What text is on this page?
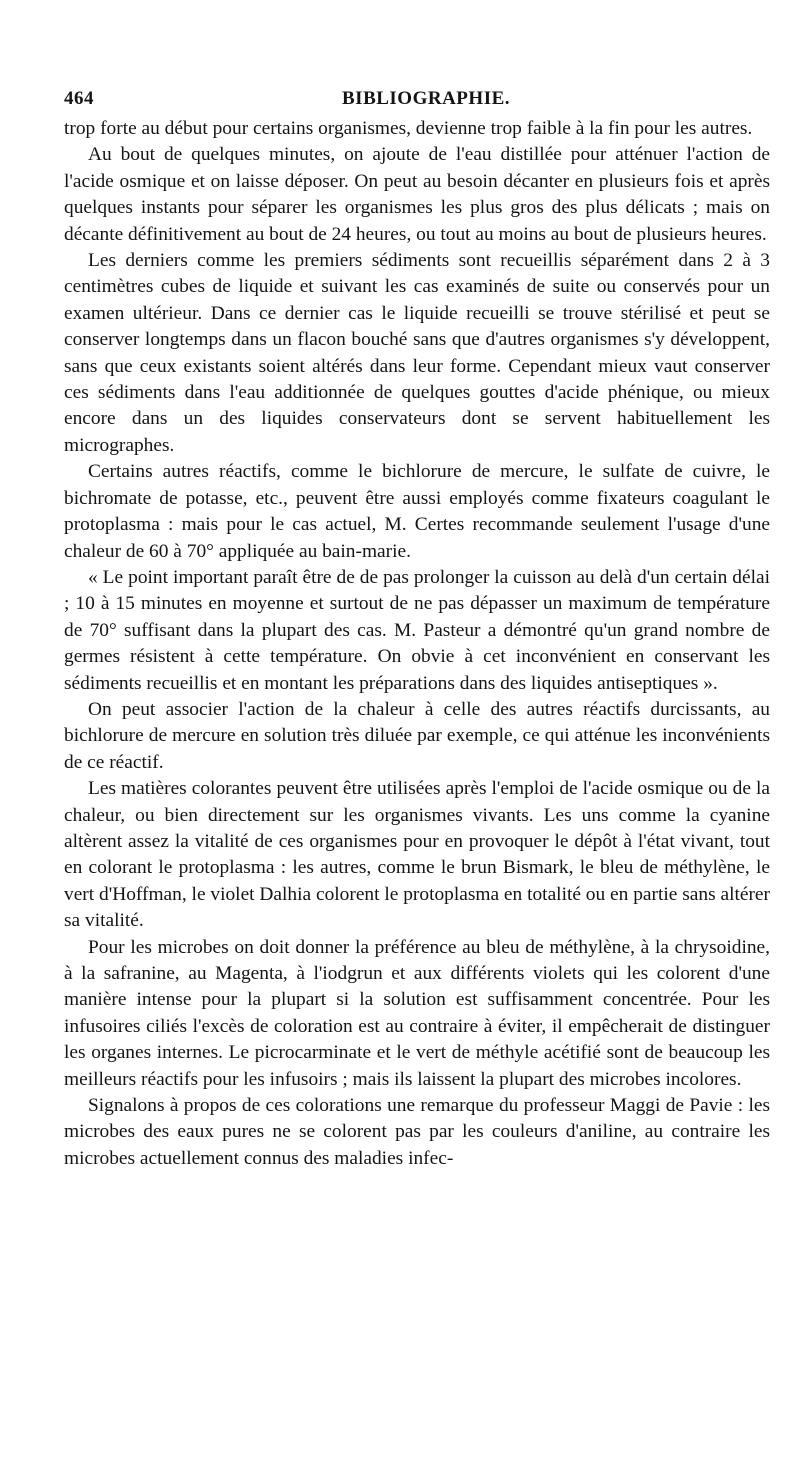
464	BIBLIOGRAPHIE.

trop forte au début pour certains organismes, devienne trop faible à la fin pour les autres.

Au bout de quelques minutes, on ajoute de l'eau distillée pour atténuer l'action de l'acide osmique et on laisse déposer. On peut au besoin décanter en plusieurs fois et après quelques instants pour séparer les organismes les plus gros des plus délicats ; mais on décante définitivement au bout de 24 heures, ou tout au moins au bout de plusieurs heures.

Les derniers comme les premiers sédiments sont recueillis séparément dans 2 à 3 centimètres cubes de liquide et suivant les cas examinés de suite ou conservés pour un examen ultérieur. Dans ce dernier cas le liquide recueilli se trouve stérilisé et peut se conserver longtemps dans un flacon bouché sans que d'autres organismes s'y développent, sans que ceux existants soient altérés dans leur forme. Cependant mieux vaut conserver ces sédiments dans l'eau additionnée de quelques gouttes d'acide phénique, ou mieux encore dans un des liquides conservateurs dont se servent habituellement les micrographes.

Certains autres réactifs, comme le bichlorure de mercure, le sulfate de cuivre, le bichromate de potasse, etc., peuvent être aussi employés comme fixateurs coagulant le protoplasma : mais pour le cas actuel, M. Certes recommande seulement l'usage d'une chaleur de 60 à 70° appliquée au bain-marie.

« Le point important paraît être de de pas prolonger la cuisson au delà d'un certain délai ; 10 à 15 minutes en moyenne et surtout de ne pas dépasser un maximum de température de 70° suffisant dans la plupart des cas. M. Pasteur a démontré qu'un grand nombre de germes résistent à cette température. On obvie à cet inconvénient en conservant les sédiments recueillis et en montant les préparations dans des liquides antiseptiques ».

On peut associer l'action de la chaleur à celle des autres réactifs durcissants, au bichlorure de mercure en solution très diluée par exemple, ce qui atténue les inconvénients de ce réactif.

Les matières colorantes peuvent être utilisées après l'emploi de l'acide osmique ou de la chaleur, ou bien directement sur les organismes vivants. Les uns comme la cyanine altèrent assez la vitalité de ces organismes pour en provoquer le dépôt à l'état vivant, tout en colorant le protoplasma : les autres, comme le brun Bismark, le bleu de méthylène, le vert d'Hoffman, le violet Dalhia colorent le protoplasma en totalité ou en partie sans altérer sa vitalité.

Pour les microbes on doit donner la préférence au bleu de méthylène, à la chrysoidine, à la safranine, au Magenta, à l'iodgrun et aux différents violets qui les colorent d'une manière intense pour la plupart si la solution est suffisamment concentrée. Pour les infusoires ciliés l'excès de coloration est au contraire à éviter, il empêcherait de distinguer les organes internes. Le picrocarminate et le vert de méthyle acétifié sont de beaucoup les meilleurs réactifs pour les infusoirs ; mais ils laissent la plupart des microbes incolores.

Signalons à propos de ces colorations une remarque du professeur Maggi de Pavie : les microbes des eaux pures ne se colorent pas par les couleurs d'aniline, au contraire les microbes actuellement connus des maladies infec-
